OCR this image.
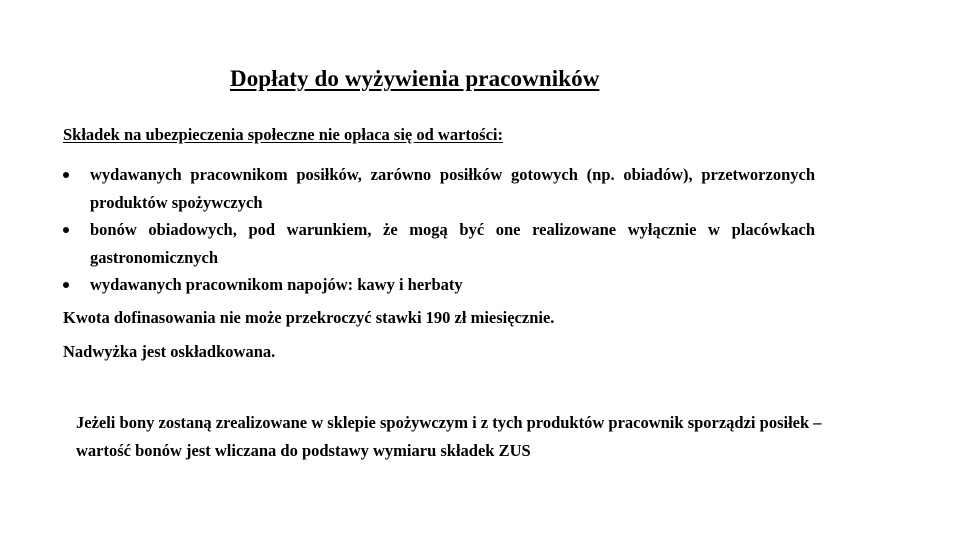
Dopłaty do wyżywienia pracowników
Składek na ubezpieczenia społeczne nie opłaca się od wartości:
wydawanych pracownikom posiłków, zarówno posiłków gotowych (np. obiadów), przetworzonych produktów spożywczych
bonów obiadowych, pod warunkiem, że mogą być one realizowane wyłącznie w placówkach gastronomicznych
wydawanych pracownikom napojów: kawy i herbaty
Kwota dofinasowania nie może przekroczyć stawki 190 zł miesięcznie.
Nadwyżka jest oskładkowana.
Jeżeli bony zostaną zrealizowane w sklepie spożywczym i z tych produktów pracownik sporządzi posiłek – wartość bonów jest wliczana do podstawy wymiaru składek ZUS
